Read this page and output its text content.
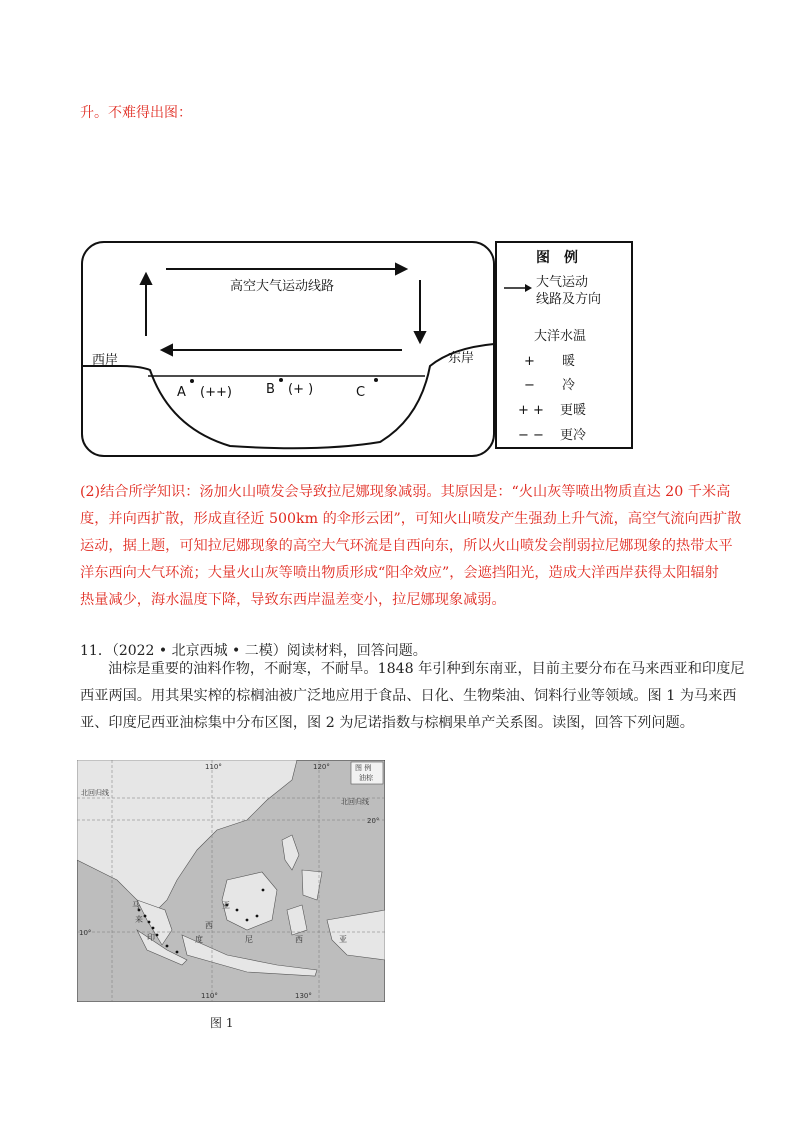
升。不难得出图：
高空大气运动线路
西岸	东岸
A (++)	B (+ )	C
图　例
大气运动
线路及方向
大洋水温
+ 暖
− 冷
+ + 更暖
− − 更冷
(2)结合所学知识：汤加火山喷发会导致拉尼娜现象减弱。其原因是：“火山灰等喷出物质直达 20 千米高
度，并向西扩散，形成直径近 500km 的伞形云团”，可知火山喷发产生强劲上升气流，高空气流向西扩散
运动，据上题，可知拉尼娜现象的高空大气环流是自西向东，所以火山喷发会削弱拉尼娜现象的热带太平
洋东西向大气环流；大量火山灰等喷出物质形成“阳伞效应”，会遮挡阳光，造成大洋西岸获得太阳辐射
热量减少，海水温度下降，导致东西岸温差变小，拉尼娜现象减弱。
11．（2022 • 北京西城 • 二模）阅读材料，回答问题。
油棕是重要的油料作物，不耐寒，不耐旱。1848 年引种到东南亚，目前主要分布在马来西亚和印度尼
西亚两国。用其果实榨的棕榈油被广泛地应用于食品、日化、生物柴油、饲料行业等领域。图 1 为马来西
亚、印度尼西亚油棕集中分布区图，图 2 为尼诺指数与棕榈果单产关系图。读图，回答下列问题。
110°	120°
110°	130°
20°
10°
北回归线
北回归线
图 例
油棕
马
来
西
亚
印	度	尼	西	亚
图 1
